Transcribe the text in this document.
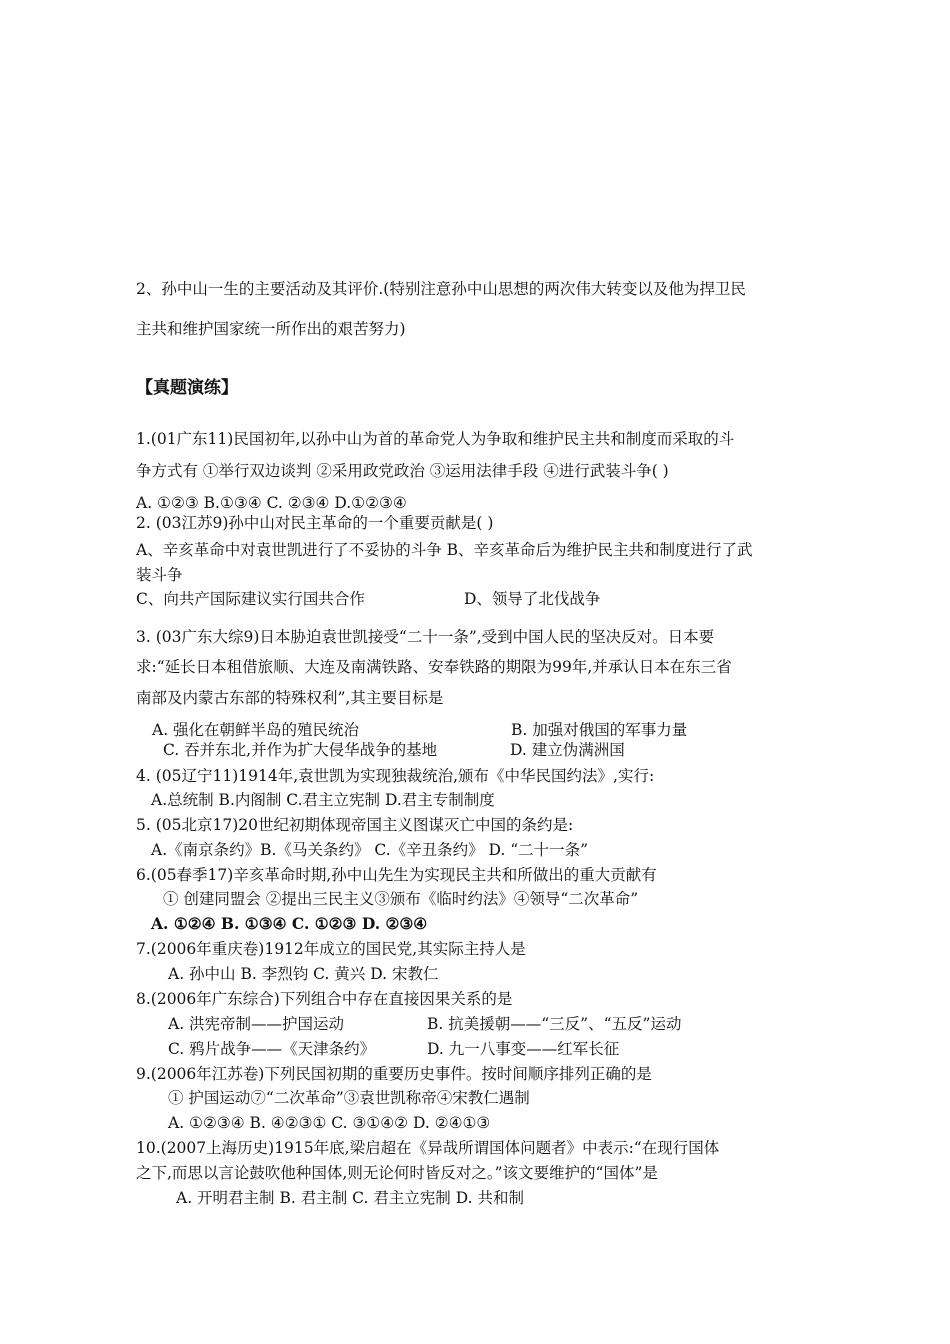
2、孙中山一生的主要活动及其评价.(特别注意孙中山思想的两次伟大转变以及他为捍卫民
主共和维护国家统一所作出的艰苦努力)
【真题演练】
1.(01广东11)民国初年,以孙中山为首的革命党人为争取和维护民主共和制度而采取的斗
争方式有 ①举行双边谈判 ②采用政党政治 ③运用法律手段 ④进行武装斗争( )
A. ①②③ B.①③④ C. ②③④ D.①②③④
2. (03江苏9)孙中山对民主革命的一个重要贡献是( )
A、辛亥革命中对袁世凯进行了不妥协的斗争 B、辛亥革命后为维护民主共和制度进行了武
装斗争
C、向共产国际建议实行国共合作	D、领导了北伐战争
3. (03广东大综9)日本胁迫袁世凯接受“二十一条”,受到中国人民的坚决反对。日本要
求:“延长日本租借旅顺、大连及南满铁路、安奉铁路的期限为99年,并承认日本在东三省
南部及内蒙古东部的特殊权利”,其主要目标是
A. 强化在朝鲜半岛的殖民统治	B. 加强对俄国的军事力量
C. 吞并东北,并作为扩大侵华战争的基地	D. 建立伪满洲国
4. (05辽宁11)1914年,袁世凯为实现独裁统治,颁布《中华民国约法》,实行:
A.总统制 B.内阁制 C.君主立宪制 D.君主专制制度
5. (05北京17)20世纪初期体现帝国主义图谋灭亡中国的条约是:
A.《南京条约》B.《马关条约》 C.《辛丑条约》 D. “二十一条”
6.(05春季17)辛亥革命时期,孙中山先生为实现民主共和所做出的重大贡献有
① 创建同盟会 ②提出三民主义③颁布《临时约法》④领导“二次革命”
A. ①②④ B. ①③④ C. ①②③ D. ②③④
7.(2006年重庆卷)1912年成立的国民党,其实际主持人是
A. 孙中山 B. 李烈钧 C. 黄兴 D. 宋教仁
8.(2006年广东综合)下列组合中存在直接因果关系的是
A. 洪宪帝制——护国运动	B. 抗美援朝——“三反”、“五反”运动
C. 鸦片战争——《天津条约》	D. 九一八事变——红军长征
9.(2006年江苏卷)下列民国初期的重要历史事件。按时间顺序排列正确的是
① 护国运动⑦“二次革命”③袁世凯称帝④宋教仁遇制
A. ①②③④ B. ④②③① C. ③①④② D. ②④①③
10.(2007上海历史)1915年底,梁启超在《异哉所谓国体问题者》中表示:“在现行国体
之下,而思以言论鼓吹他种国体,则无论何时皆反对之。”该文要维护的“国体”是
A. 开明君主制 B. 君主制 C. 君主立宪制 D. 共和制
